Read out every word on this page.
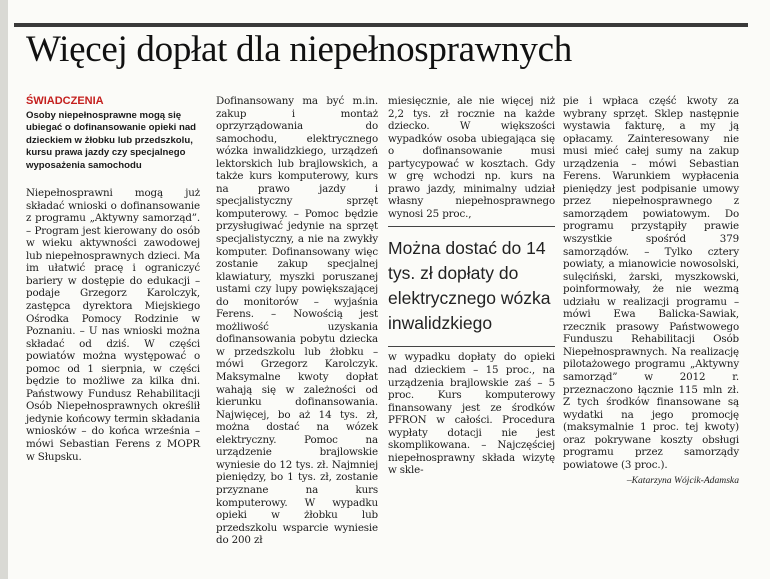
Więcej dopłat dla niepełnosprawnych
ŚWIADCZENIA
Osoby niepełnosprawne mogą się ubiegać o dofinansowanie opieki nad dzieckiem w żłobku lub przedszkolu, kursu prawa jazdy czy specjalnego wyposażenia samochodu

Niepełnosprawni mogą już składać wnioski o dofinansowanie z programu „Aktywny samorząd”. – Program jest kierowany do osób w wieku aktywności zawodowej lub niepełnosprawnych dzieci. Ma im ułatwić pracę i ograniczyć bariery w dostępie do edukacji – podaje Grzegorz Karolczyk, zastępca dyrektora Miejskiego Ośrodka Pomocy Rodzinie w Poznaniu. – U nas wnioski można składać od dziś. W części powiatów można występować o pomoc od 1 sierpnia, w części będzie to możliwe za kilka dni. Państwowy Fundusz Rehabilitacji Osób Niepełnosprawnych określił jedynie końcowy termin składania wniosków – do końca września – mówi Sebastian Ferens z MOPR w Słupsku.

Dofinansowany ma być m.in. zakup i montaż oprzyrządowania do samochodu, elektrycznego wózka inwalidzkiego, urządzeń lektorskich lub brajlowskich, a także kurs komputerowy, kurs na prawo jazdy i specjalistyczny sprzęt komputerowy. – Pomoc będzie przysługiwać jedynie na sprzęt specjalistyczny, a nie na zwykły komputer. Dofinansowany więc zostanie zakup specjalnej klawiatury, myszki poruszanej ustami czy lupy powiększającej do monitorów – wyjaśnia Ferens. – Nowością jest możliwość uzyskania dofinansowania pobytu dziecka w przedszkolu lub żłobku – mówi Grzegorz Karolczyk. Maksymalne kwoty dopłat wahają się w zależności od kierunku dofinansowania. Najwięcej, bo aż 14 tys. zł, można dostać na wózek elektryczny. Pomoc na urządzenie brajlowskie wyniesie do 12 tys. zł. Najmniej pieniędzy, bo 1 tys. zł, zostanie przyznane na kurs komputerowy. W wypadku opieki w żłobku lub przedszkolu wsparcie wyniesie do 200 zł

miesięcznie, ale nie więcej niż 2,2 tys. zł rocznie na każde dziecko. W większości wypadków osoba ubiegająca się o dofinansowanie musi partycypować w kosztach. Gdy w grę wchodzi np. kurs na prawo jazdy, minimalny udział własny niepełnosprawnego wynosi 25 proc.,

Można dostać do 14 tys. zł dopłaty do elektrycznego wózka inwalidzkiego

w wypadku dopłaty do opieki nad dzieckiem – 15 proc., na urządzenia brajlowskie zaś – 5 proc. Kurs komputerowy finansowany jest ze środków PFRON w całości. Procedura wypłaty dotacji nie jest skomplikowana. – Najczęściej niepełnosprawny składa wizytę w skle-

pie i wpłaca część kwoty za wybrany sprzęt. Sklep następnie wystawia fakturę, a my ją opłacamy. Zainteresowany nie musi mieć całej sumy na zakup urządzenia – mówi Sebastian Ferens. Warunkiem wypłacenia pieniędzy jest podpisanie umowy przez niepełnosprawnego z samorządem powiatowym. Do programu przystąpiły prawie wszystkie spośród 379 samorządów. – Tylko cztery powiaty, a mianowicie nowosolski, sulęciński, żarski, myszkowski, poinformowały, że nie wezmą udziału w realizacji programu – mówi Ewa Balicka-Sawiak, rzecznik prasowy Państwowego Funduszu Rehabilitacji Osób Niepełnosprawnych. Na realizację pilotażowego programu „Aktywny samorząd” w 2012 r. przeznaczono łącznie 115 mln zł. Z tych środków finansowane są wydatki na jego promocję (maksymalnie 1 proc. tej kwoty) oraz pokrywane koszty obsługi programu przez samorządy powiatowe (3 proc.).

–Katarzyna Wójcik-Adamska
